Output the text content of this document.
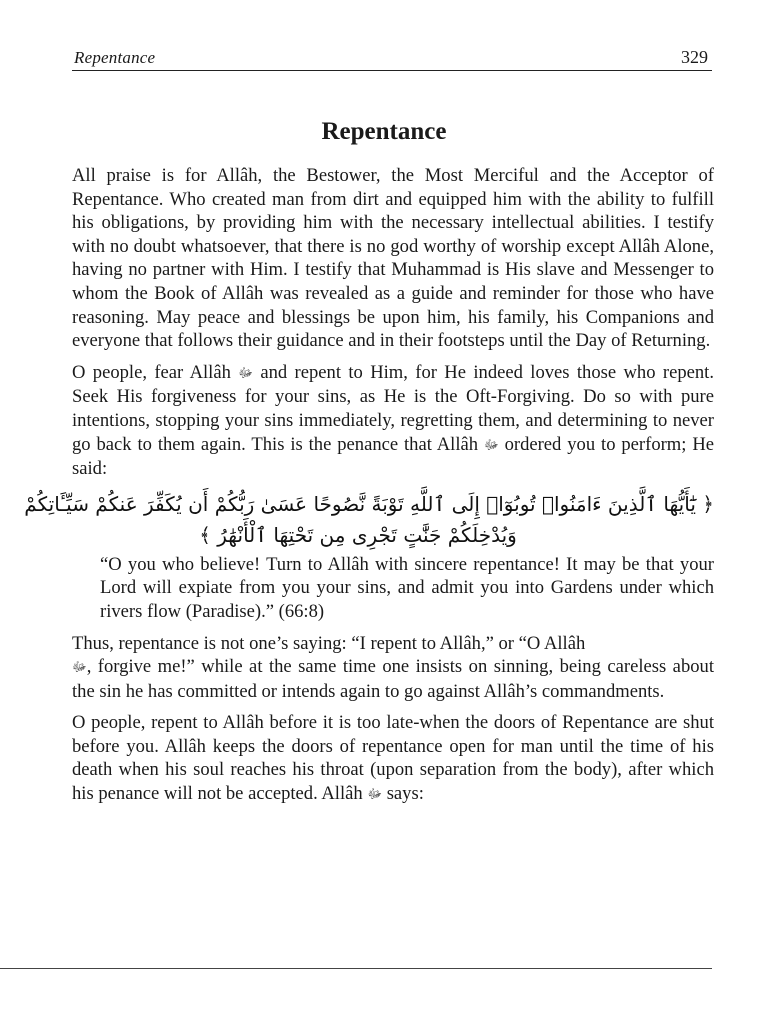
Repentance	329
Repentance

All praise is for Allâh, the Bestower, the Most Merciful and the Acceptor of Repentance. Who created man from dirt and equipped him with the ability to fulfill his obligations, by providing him with the necessary intellectual abilities. I testify with no doubt whatsoever, that there is no god worthy of worship except Allâh Alone, having no partner with Him. I testify that Muhammad is His slave and Messenger to whom the Book of Allâh was revealed as a guide and reminder for those who have reasoning. May peace and blessings be upon him, his family, his Companions and everyone that follows their guidance and in their footsteps until the Day of Returning.

O people, fear Allâh ﷻ and repent to Him, for He indeed loves those who repent. Seek His forgiveness for your sins, as He is the Oft-Forgiving. Do so with pure intentions, stopping your sins immediately, regretting them, and determining to never go back to them again. This is the penance that Allâh ﷻ ordered you to perform; He said:

﴿ يَٰٓأَيُّهَا ٱلَّذِينَ ءَامَنُوا۟ تُوبُوٓا۟ إِلَى ٱللَّهِ تَوْبَةً نَّصُوحًا عَسَىٰ رَبُّكُمْ أَن يُكَفِّرَ عَنكُمْ سَيِّـَٔاتِكُمْ
وَيُدْخِلَكُمْ جَنَّٰتٍ تَجْرِى مِن تَحْتِهَا ٱلْأَنْهَٰرُ ﴾

“O you who believe! Turn to Allâh with sincere repentance! It may be that your Lord will expiate from you your sins, and admit you into Gardens under which rivers flow (Paradise).” (66:8)

Thus, repentance is not one’s saying: “I repent to Allâh,” or “O Allâh
ﷻ, forgive me!” while at the same time one insists on sinning, being careless about the sin he has committed or intends again to go against Allâh’s commandments.

O people, repent to Allâh before it is too late-when the doors of Repentance are shut before you. Allâh keeps the doors of repentance open for man until the time of his death when his soul reaches his throat (upon separation from the body), after which his penance will not be accepted. Allâh ﷻ says:
